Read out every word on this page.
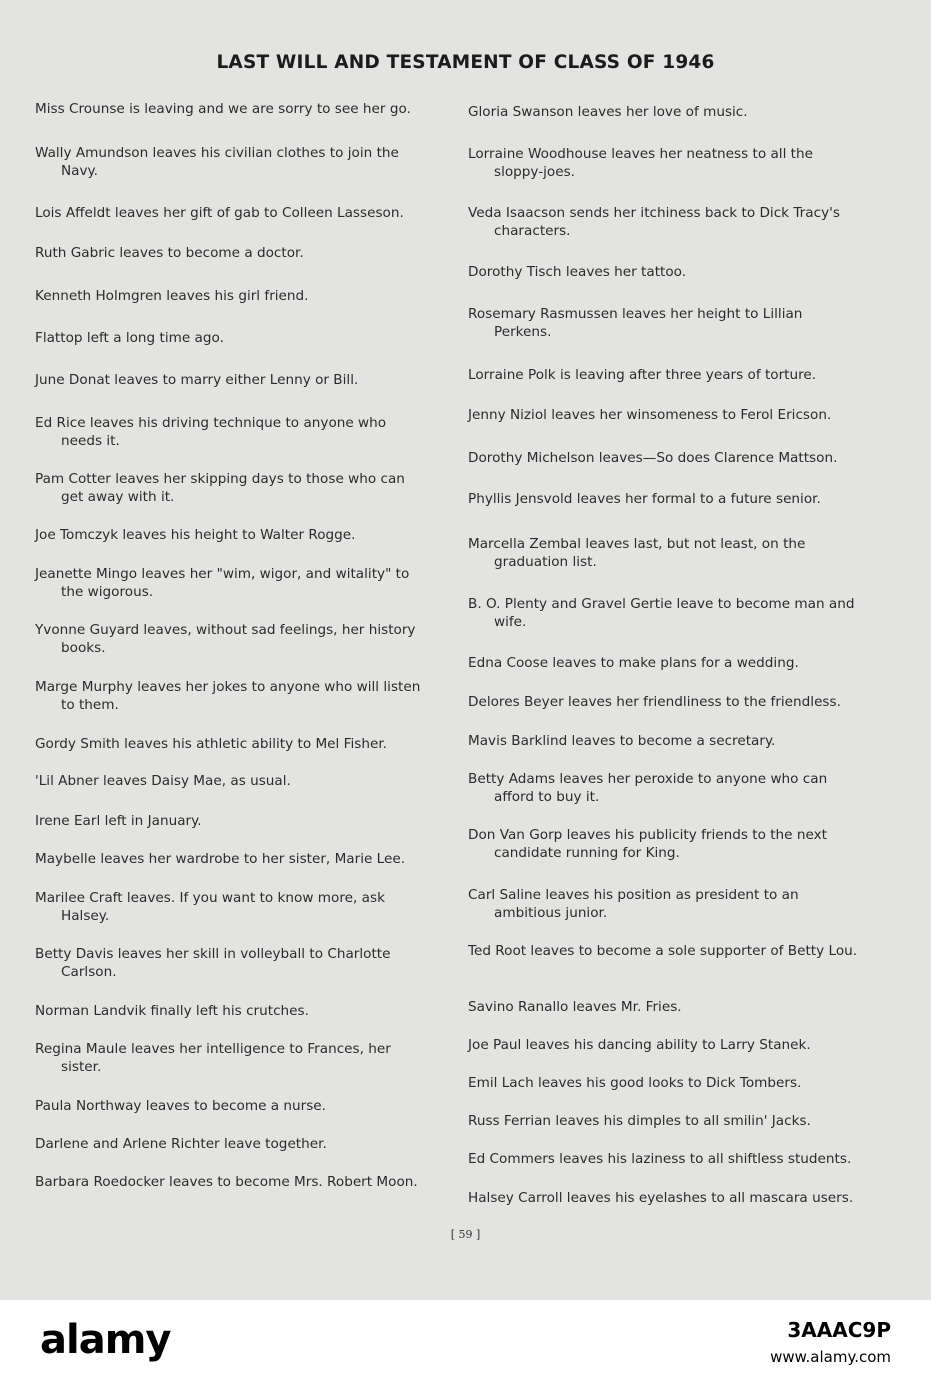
LAST WILL AND TESTAMENT OF CLASS OF 1946
Miss Crounse is leaving and we are sorry to see her go.
Wally Amundson leaves his civilian clothes to join the Navy.
Lois Affeldt leaves her gift of gab to Colleen Lasseson.
Ruth Gabric leaves to become a doctor.
Kenneth Holmgren leaves his girl friend.
Flattop left a long time ago.
June Donat leaves to marry either Lenny or Bill.
Ed Rice leaves his driving technique to anyone who needs it.
Pam Cotter leaves her skipping days to those who can get away with it.
Joe Tomczyk leaves his height to Walter Rogge.
Jeanette Mingo leaves her "wim, wigor, and witality" to the wigorous.
Yvonne Guyard leaves, without sad feelings, her history books.
Marge Murphy leaves her jokes to anyone who will listen to them.
Gordy Smith leaves his athletic ability to Mel Fisher.
'Lil Abner leaves Daisy Mae, as usual.
Irene Earl left in January.
Maybelle leaves her wardrobe to her sister, Marie Lee.
Marilee Craft leaves. If you want to know more, ask Halsey.
Betty Davis leaves her skill in volleyball to Charlotte Carlson.
Norman Landvik finally left his crutches.
Regina Maule leaves her intelligence to Frances, her sister.
Paula Northway leaves to become a nurse.
Darlene and Arlene Richter leave together.
Barbara Roedocker leaves to become Mrs. Robert Moon.
Gloria Swanson leaves her love of music.
Lorraine Woodhouse leaves her neatness to all the sloppy-joes.
Veda Isaacson sends her itchiness back to Dick Tracy's characters.
Dorothy Tisch leaves her tattoo.
Rosemary Rasmussen leaves her height to Lillian Perkens.
Lorraine Polk is leaving after three years of torture.
Jenny Niziol leaves her winsomeness to Ferol Ericson.
Dorothy Michelson leaves—So does Clarence Mattson.
Phyllis Jensvold leaves her formal to a future senior.
Marcella Zembal leaves last, but not least, on the graduation list.
B. O. Plenty and Gravel Gertie leave to become man and wife.
Edna Coose leaves to make plans for a wedding.
Delores Beyer leaves her friendliness to the friendless.
Mavis Barklind leaves to become a secretary.
Betty Adams leaves her peroxide to anyone who can afford to buy it.
Don Van Gorp leaves his publicity friends to the next candidate running for King.
Carl Saline leaves his position as president to an ambitious junior.
Ted Root leaves to become a sole supporter of Betty Lou.
Savino Ranallo leaves Mr. Fries.
Joe Paul leaves his dancing ability to Larry Stanek.
Emil Lach leaves his good looks to Dick Tombers.
Russ Ferrian leaves his dimples to all smilin' Jacks.
Ed Commers leaves his laziness to all shiftless students.
Halsey Carroll leaves his eyelashes to all mascara users.
[ 59 ]
alamy	3AAAC9P
www.alamy.com
